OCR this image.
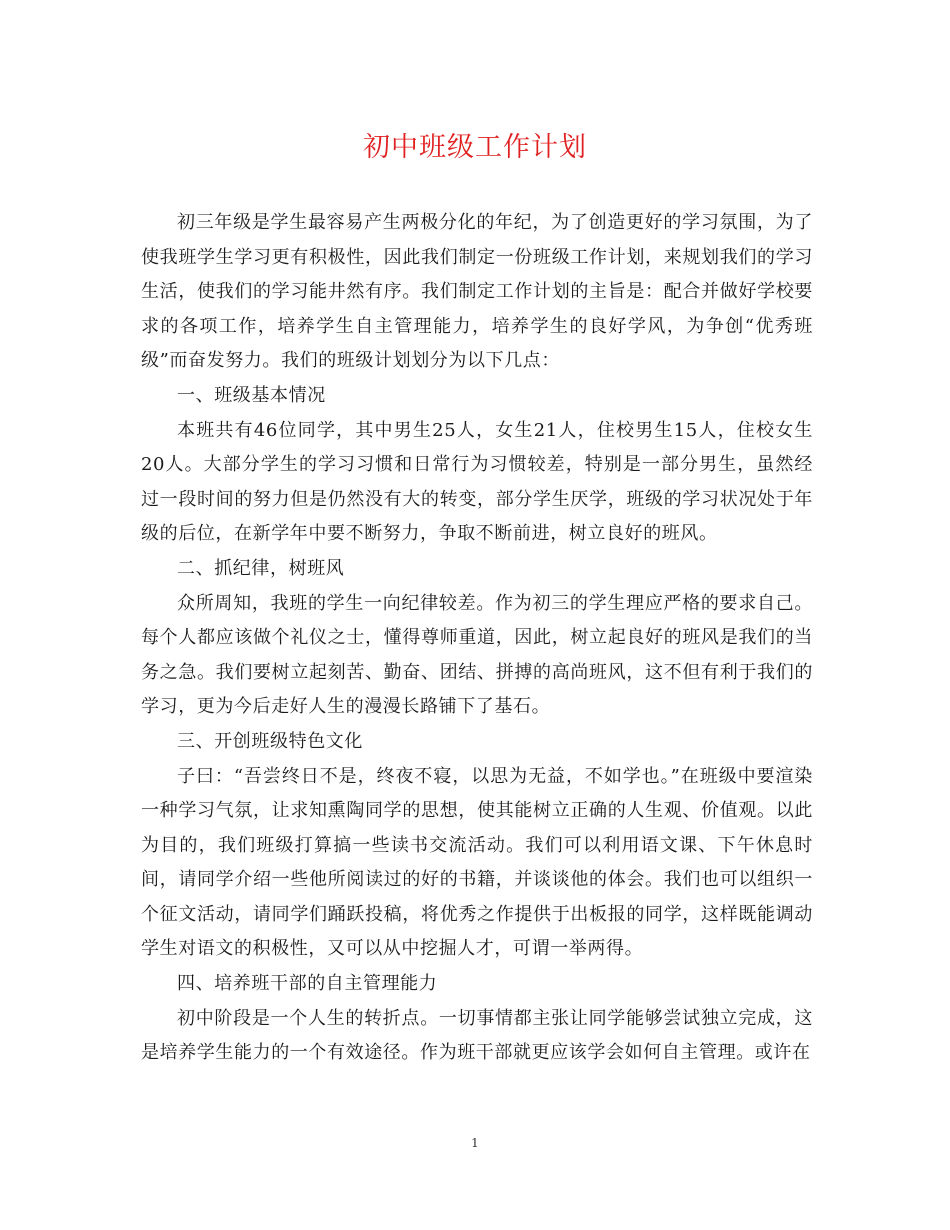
初中班级工作计划

初三年级是学生最容易产生两极分化的年纪，为了创造更好的学习氛围，为了使我班学生学习更有积极性，因此我们制定一份班级工作计划，来规划我们的学习生活，使我们的学习能井然有序。我们制定工作计划的主旨是：配合并做好学校要求的各项工作，培养学生自主管理能力，培养学生的良好学风，为争创“优秀班级”而奋发努力。我们的班级计划划分为以下几点：

一、班级基本情况

本班共有46位同学，其中男生25人，女生21人，住校男生15人，住校女生20人。大部分学生的学习习惯和日常行为习惯较差，特别是一部分男生，虽然经过一段时间的努力但是仍然没有大的转变，部分学生厌学，班级的学习状况处于年级的后位，在新学年中要不断努力，争取不断前进，树立良好的班风。

二、抓纪律，树班风

众所周知，我班的学生一向纪律较差。作为初三的学生理应严格的要求自己。每个人都应该做个礼仪之士，懂得尊师重道，因此，树立起良好的班风是我们的当务之急。我们要树立起刻苦、勤奋、团结、拼搏的高尚班风，这不但有利于我们的学习，更为今后走好人生的漫漫长路铺下了基石。

三、开创班级特色文化

子曰：“吾尝终日不是，终夜不寝，以思为无益，不如学也。”在班级中要渲染一种学习气氛，让求知熏陶同学的思想，使其能树立正确的人生观、价值观。以此为目的，我们班级打算搞一些读书交流活动。我们可以利用语文课、下午休息时间，请同学介绍一些他所阅读过的好的书籍，并谈谈他的体会。我们也可以组织一个征文活动，请同学们踊跃投稿，将优秀之作提供于出板报的同学，这样既能调动学生对语文的积极性，又可以从中挖掘人才，可谓一举两得。

四、培养班干部的自主管理能力

初中阶段是一个人生的转折点。一切事情都主张让同学能够尝试独立完成，这是培养学生能力的一个有效途径。作为班干部就更应该学会如何自主管理。或许在

1
